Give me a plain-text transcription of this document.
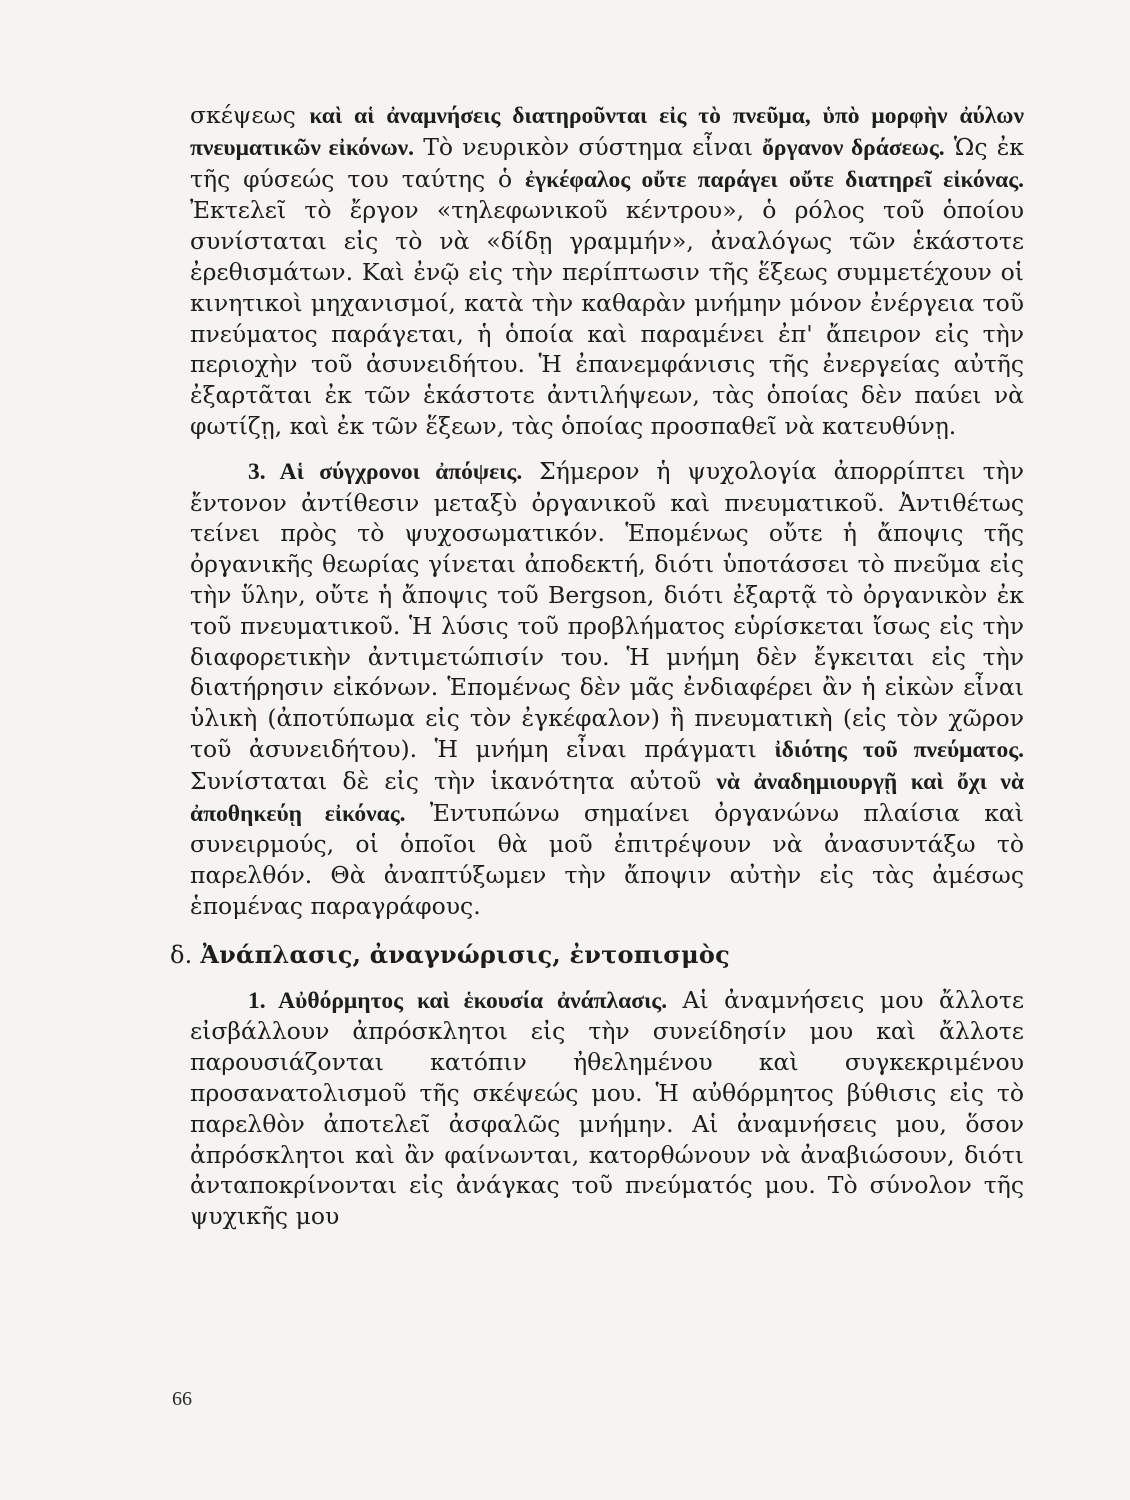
σκέψεως καὶ αἱ ἀναμνήσεις διατηροῦνται εἰς τὸ πνεῦμα, ὑπὸ μορφὴν ἀύλων πνευματικῶν εἰκόνων. Τὸ νευρικὸν σύστημα εἶναι ὄργανον δράσεως. Ὡς ἐκ τῆς φύσεώς του ταύτης ὁ ἐγκέφαλος οὔτε παράγει οὔτε διατηρεῖ εἰκόνας. Ἐκτελεῖ τὸ ἔργον «τηλεφωνικοῦ κέντρου», ὁ ρόλος τοῦ ὁποίου συνίσταται εἰς τὸ νὰ «δίδῃ γραμμήν», ἀναλόγως τῶν ἑκάστοτε ἐρεθισμάτων. Καὶ ἐνῷ εἰς τὴν περίπτωσιν τῆς ἕξεως συμμετέχουν οἱ κινητικοὶ μηχανισμοί, κατὰ τὴν καθαρὰν μνήμην μόνον ἐνέργεια τοῦ πνεύματος παράγεται, ἡ ὁποία καὶ παραμένει ἐπ' ἄπειρον εἰς τὴν περιοχὴν τοῦ ἀσυνειδήτου. Ἡ ἐπανεμφάνισις τῆς ἐνεργείας αὐτῆς ἐξαρτᾶται ἐκ τῶν ἑκάστοτε ἀντιλήψεων, τὰς ὁποίας δὲν παύει νὰ φωτίζῃ, καὶ ἐκ τῶν ἕξεων, τὰς ὁποίας προσπαθεῖ νὰ κατευθύνῃ.

3. Αἱ σύγχρονοι ἀπόψεις. Σήμερον ἡ ψυχολογία ἀπορρίπτει τὴν ἔντονον ἀντίθεσιν μεταξὺ ὀργανικοῦ καὶ πνευματικοῦ. Ἀντιθέτως τείνει πρὸς τὸ ψυχοσωματικόν. Ἑπομένως οὔτε ἡ ἄποψις τῆς ὀργανικῆς θεωρίας γίνεται ἀποδεκτή, διότι ὑποτάσσει τὸ πνεῦμα εἰς τὴν ὕλην, οὔτε ἡ ἄποψις τοῦ Bergson, διότι ἐξαρτᾷ τὸ ὀργανικὸν ἐκ τοῦ πνευματικοῦ. Ἡ λύσις τοῦ προβλήματος εὑρίσκεται ἴσως εἰς τὴν διαφορετικὴν ἀντιμετώπισίν του. Ἡ μνήμη δὲν ἔγκειται εἰς τὴν διατήρησιν εἰκόνων. Ἑπομένως δὲν μᾶς ἐνδιαφέρει ἂν ἡ εἰκὼν εἶναι ὑλικὴ (ἀποτύπωμα εἰς τὸν ἐγκέφαλον) ἢ πνευματικὴ (εἰς τὸν χῶρον τοῦ ἀσυνειδήτου). Ἡ μνήμη εἶναι πράγματι ἰδιότης τοῦ πνεύματος. Συνίσταται δὲ εἰς τὴν ἱκανότητα αὐτοῦ νὰ ἀναδημιουργῇ καὶ ὄχι νὰ ἀποθηκεύῃ εἰκόνας. Ἐντυπώνω σημαίνει ὀργανώνω πλαίσια καὶ συνειρμούς, οἱ ὁποῖοι θὰ μοῦ ἐπιτρέψουν νὰ ἀνασυντάξω τὸ παρελθόν. Θὰ ἀναπτύξωμεν τὴν ἄποψιν αὐτὴν εἰς τὰς ἀμέσως ἑπομένας παραγράφους.

δ. Ἀνάπλασις, ἀναγνώρισις, ἐντοπισμὸς

1. Αὐθόρμητος καὶ ἑκουσία ἀνάπλασις. Αἱ ἀναμνήσεις μου ἄλλοτε εἰσβάλλουν ἀπρόσκλητοι εἰς τὴν συνείδησίν μου καὶ ἄλλοτε παρουσιάζονται κατόπιν ἠθελημένου καὶ συγκεκριμένου προσανατολισμοῦ τῆς σκέψεώς μου. Ἡ αὐθόρμητος βύθισις εἰς τὸ παρελθὸν ἀποτελεῖ ἀσφαλῶς μνήμην. Αἱ ἀναμνήσεις μου, ὅσον ἀπρόσκλητοι καὶ ἂν φαίνωνται, κατορθώνουν νὰ ἀναβιώσουν, διότι ἀνταποκρίνονται εἰς ἀνάγκας τοῦ πνεύματός μου. Τὸ σύνολον τῆς ψυχικῆς μου

66
